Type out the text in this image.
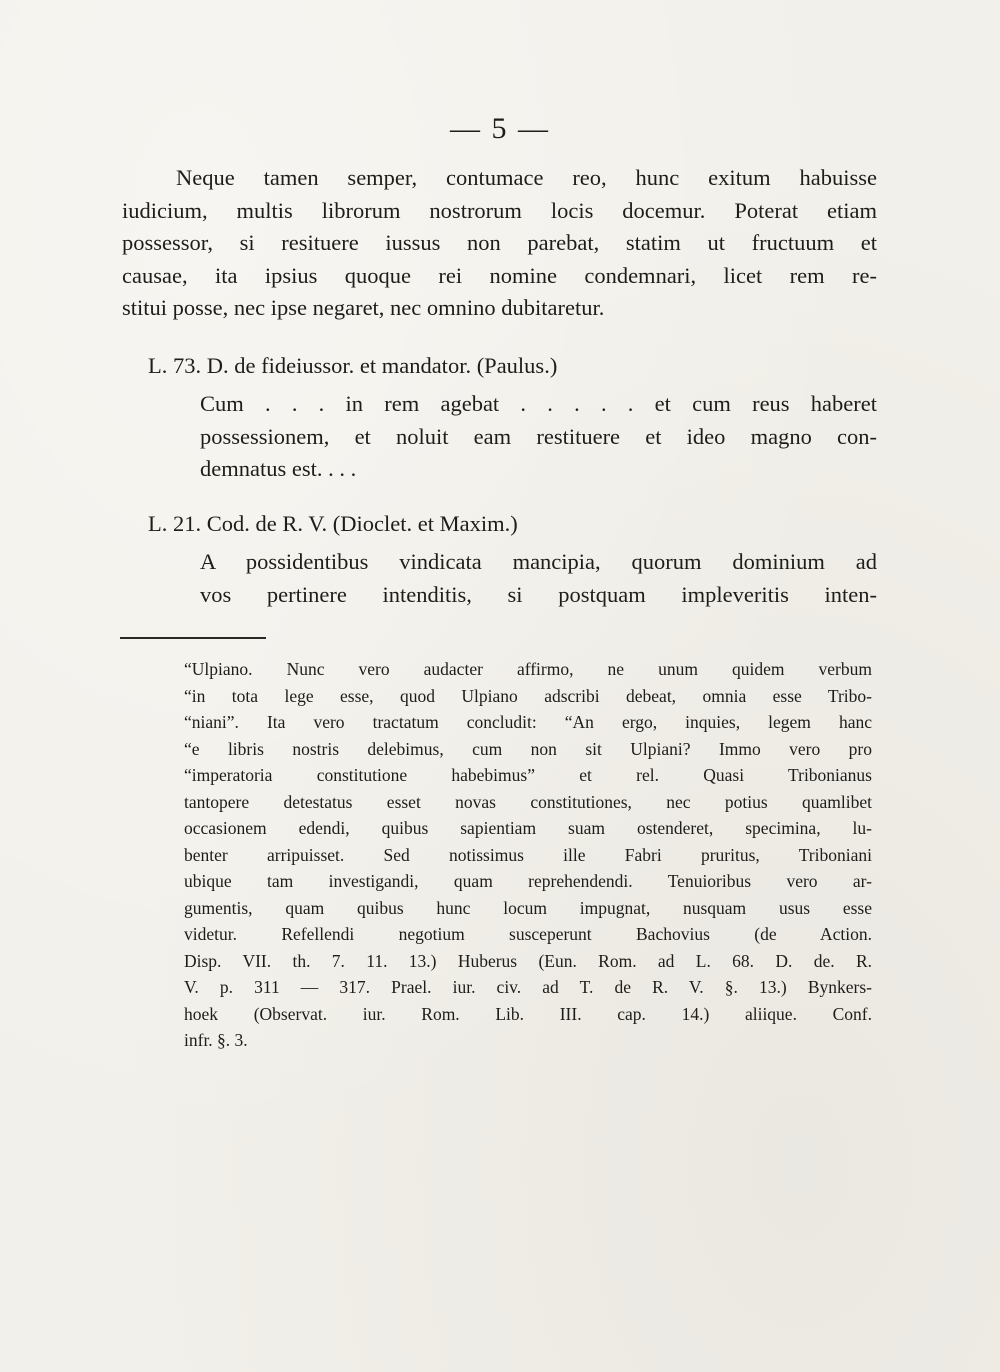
— 5 —
Neque tamen semper, contumace reo, hunc exitum habuisse
iudicium, multis librorum nostrorum locis docemur. Poterat etiam
possessor, si resituere iussus non parebat, statim ut fructuum et
causae, ita ipsius quoque rei nomine condemnari, licet rem re-
stitui posse, nec ipse negaret, nec omnino dubitaretur.
L. 73. D. de fideiussor. et mandator. (Paulus.)
Cum . . . in rem agebat . . . . . et cum reus haberet
possessionem, et noluit eam restituere et ideo magno con-
demnatus est. . . .
L. 21. Cod. de R. V. (Dioclet. et Maxim.)
A possidentibus vindicata mancipia, quorum dominium ad
vos pertinere intenditis, si postquam impleveritis inten-
“Ulpiano. Nunc vero audacter affirmo, ne unum quidem verbum
“in tota lege esse, quod Ulpiano adscribi debeat, omnia esse Tribo-
“niani”. Ita vero tractatum concludit: “An ergo, inquies, legem hanc
“e libris nostris delebimus, cum non sit Ulpiani? Immo vero pro
“imperatoria constitutione habebimus” et rel. Quasi Tribonianus
tantopere detestatus esset novas constitutiones, nec potius quamlibet
occasionem edendi, quibus sapientiam suam ostenderet, specimina, lu-
benter arripuisset. Sed notissimus ille Fabri pruritus, Triboniani
ubique tam investigandi, quam reprehendendi. Tenuioribus vero ar-
gumentis, quam quibus hunc locum impugnat, nusquam usus esse
videtur. Refellendi negotium susceperunt Bachovius (de Action.
Disp. VII. th. 7. 11. 13.) Huberus (Eun. Rom. ad L. 68. D. de. R.
V. p. 311 — 317. Prael. iur. civ. ad T. de R. V. §. 13.) Bynkers-
hoek (Observat. iur. Rom. Lib. III. cap. 14.) aliique. Conf.
infr. §. 3.
